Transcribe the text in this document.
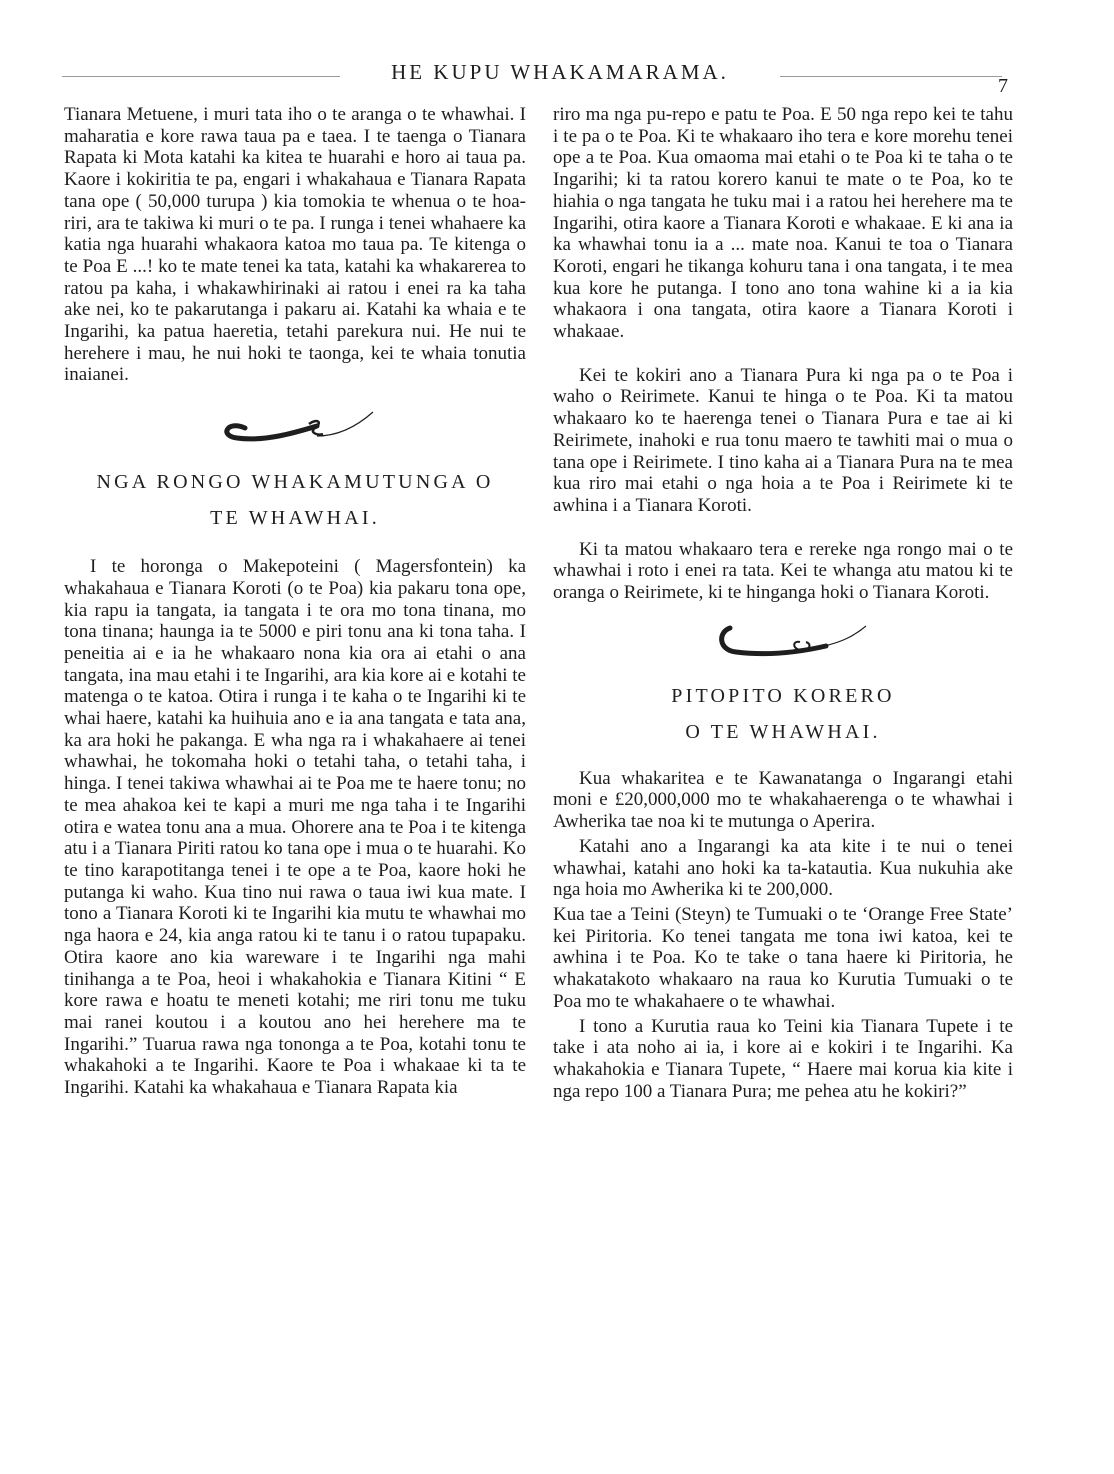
HE KUPU WHAKAMARAMA.
7

Tianara Metuene, i muri tata iho o te aranga o te whawhai. I maharatia e kore rawa taua pa e taea. I te taenga o Tianara Rapata ki Mota katahi ka kitea te huarahi e horo ai taua pa. Kaore i kokiritia te pa, engari i whakahaua e Tianara Rapata tana ope ( 50,000 turupa ) kia tomokia te whenua o te hoa-riri, ara te takiwa ki muri o te pa. I runga i tenei whahaere ka katia nga huarahi whakaora katoa mo taua pa. Te kitenga o te Poa E ...! ko te mate tenei ka tata, katahi ka whakarerea to ratou pa kaha, i whakawhirinaki ai ratou i enei ra ka taha ake nei, ko te pakarutanga i pakaru ai. Katahi ka whaia e te Ingarihi, ka patua haeretia, tetahi parekura nui. He nui te herehere i mau, he nui hoki te taonga, kei te whaia tonutia inaianei.

NGA RONGO WHAKAMUTUNGA O
TE WHAWHAI.

I te horonga o Makepoteini ( Magersfontein) ka whakahaua e Tianara Koroti (o te Poa) kia pakaru tona ope, kia rapu ia tangata, ia tangata i te ora mo tona tinana, mo tona tinana; haunga ia te 5000 e piri tonu ana ki tona taha. I peneitia ai e ia he whakaaro nona kia ora ai etahi o ana tangata, ina mau etahi i te Ingarihi, ara kia kore ai e kotahi te matenga o te katoa. Otira i runga i te kaha o te Ingarihi ki te whai haere, katahi ka huihuia ano e ia ana tangata e tata ana, ka ara hoki he pakanga. E wha nga ra i whakahaere ai tenei whawhai, he tokomaha hoki o tetahi taha, o tetahi taha, i hinga. I tenei takiwa whawhai ai te Poa me te haere tonu; no te mea ahakoa kei te kapi a muri me nga taha i te Ingarihi otira e watea tonu ana a mua. Ohorere ana te Poa i te kitenga atu i a Tianara Piriti ratou ko tana ope i mua o te huarahi. Ko te tino karapotitanga tenei i te ope a te Poa, kaore hoki he putanga ki waho. Kua tino nui rawa o taua iwi kua mate. I tono a Tianara Koroti ki te Ingarihi kia mutu te whawhai mo nga haora e 24, kia anga ratou ki te tanu i o ratou tupapaku. Otira kaore ano kia wareware i te Ingarihi nga mahi tinihanga a te Poa, heoi i whakahokia e Tianara Kitini “ E kore rawa e hoatu te meneti kotahi; me riri tonu me tuku mai ranei koutou i a koutou ano hei herehere ma te Ingarihi.” Tuarua rawa nga tononga a te Poa, kotahi tonu te whakahoki a te Ingarihi. Kaore te Poa i whakaae ki ta te Ingarihi. Katahi ka whakahaua e Tianara Rapata kia

riro ma nga pu-repo e patu te Poa. E 50 nga repo kei te tahu i te pa o te Poa. Ki te whakaaro iho tera e kore morehu tenei ope a te Poa. Kua omaoma mai etahi o te Poa ki te taha o te Ingarihi; ki ta ratou korero kanui te mate o te Poa, ko te hiahia o nga tangata he tuku mai i a ratou hei herehere ma te Ingarihi, otira kaore a Tianara Koroti e whakaae. E ki ana ia ka whawhai tonu ia a ... mate noa. Kanui te toa o Tianara Koroti, engari he tikanga kohuru tana i ona tangata, i te mea kua kore he putanga. I tono ano tona wahine ki a ia kia whakaora i ona tangata, otira kaore a Tianara Koroti i whakaae.

Kei te kokiri ano a Tianara Pura ki nga pa o te Poa i waho o Reirimete. Kanui te hinga o te Poa. Ki ta matou whakaaro ko te haerenga tenei o Tianara Pura e tae ai ki Reirimete, inahoki e rua tonu maero te tawhiti mai o mua o tana ope i Reirimete. I tino kaha ai a Tianara Pura na te mea kua riro mai etahi o nga hoia a te Poa i Reirimete ki te awhina i a Tianara Koroti.

Ki ta matou whakaaro tera e rereke nga rongo mai o te whawhai i roto i enei ra tata. Kei te whanga atu matou ki te oranga o Reirimete, ki te hinganga hoki o Tianara Koroti.

PITOPITO KORERO
O TE WHAWHAI.

Kua whakaritea e te Kawanatanga o Ingarangi etahi moni e £20,000,000 mo te whakahaerenga o te whawhai i Awherika tae noa ki te mutunga o Aperira.

Katahi ano a Ingarangi ka ata kite i te nui o tenei whawhai, katahi ano hoki ka ta-katautia. Kua nukuhia ake nga hoia mo Awherika ki te 200,000.

Kua tae a Teini (Steyn) te Tumuaki o te ‘Orange Free State’ kei Piritoria. Ko tenei tangata me tona iwi katoa, kei te awhina i te Poa. Ko te take o tana haere ki Piritoria, he whakatakoto whakaaro na raua ko Kurutia Tumuaki o te Poa mo te whakahaere o te whawhai.

I tono a Kurutia raua ko Teini kia Tianara Tupete i te take i ata noho ai ia, i kore ai e kokiri i te Ingarihi. Ka whakahokia e Tianara Tupete, “ Haere mai korua kia kite i nga repo 100 a Tianara Pura; me pehea atu he kokiri?”
